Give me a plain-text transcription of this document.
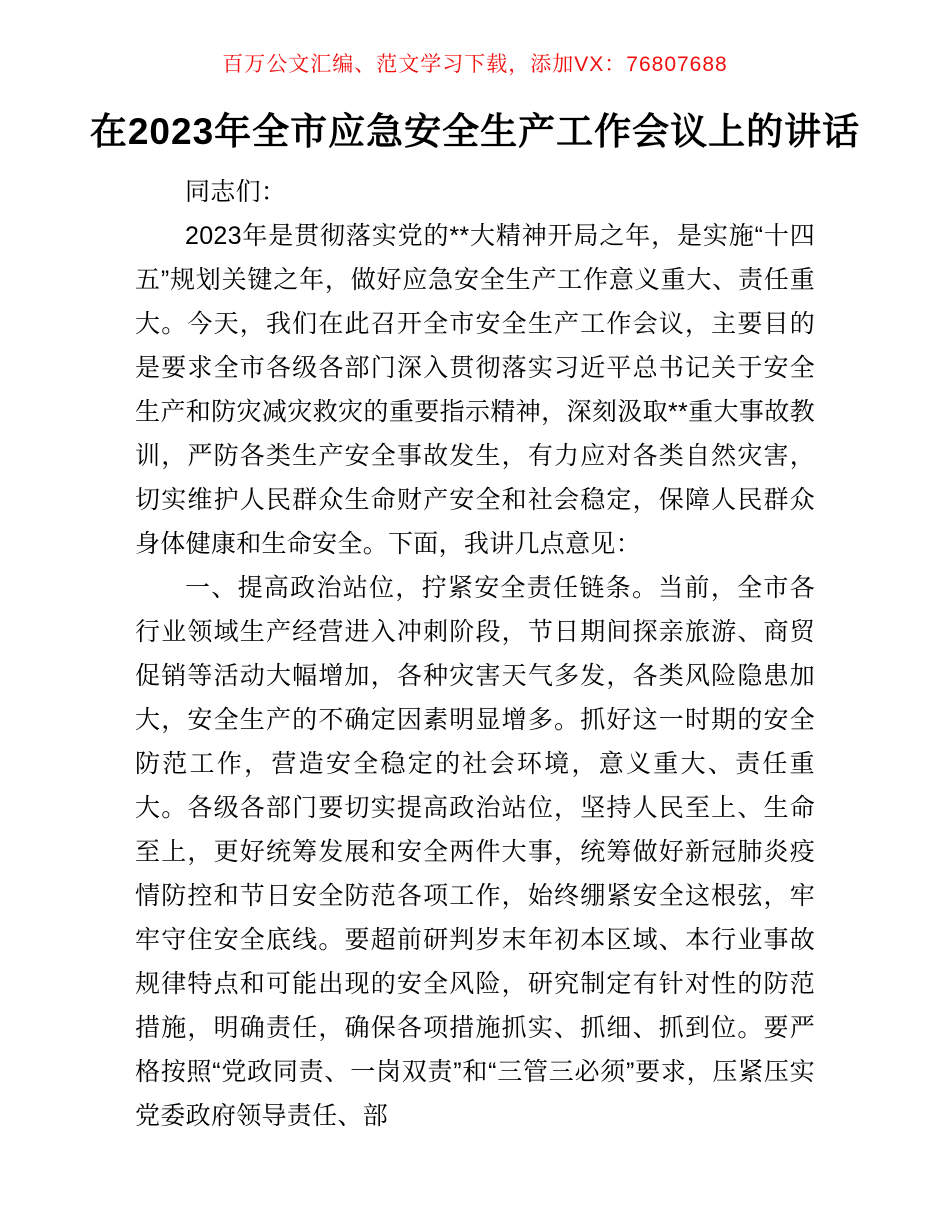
百万公文汇编、范文学习下载，添加VX：76807688
在2023年全市应急安全生产工作会议上的讲话

同志们：

2023年是贯彻落实党的**大精神开局之年，是实施“十四五”规划关键之年，做好应急安全生产工作意义重大、责任重大。今天，我们在此召开全市安全生产工作会议，主要目的是要求全市各级各部门深入贯彻落实习近平总书记关于安全生产和防灾减灾救灾的重要指示精神，深刻汲取**重大事故教训，严防各类生产安全事故发生，有力应对各类自然灾害，切实维护人民群众生命财产安全和社会稳定，保障人民群众身体健康和生命安全。下面，我讲几点意见：

一、提高政治站位，拧紧安全责任链条。当前，全市各行业领域生产经营进入冲刺阶段，节日期间探亲旅游、商贸促销等活动大幅增加，各种灾害天气多发，各类风险隐患加大，安全生产的不确定因素明显增多。抓好这一时期的安全防范工作，营造安全稳定的社会环境，意义重大、责任重大。各级各部门要切实提高政治站位，坚持人民至上、生命至上，更好统筹发展和安全两件大事，统筹做好新冠肺炎疫情防控和节日安全防范各项工作，始终绷紧安全这根弦，牢牢守住安全底线。要超前研判岁末年初本区域、本行业事故规律特点和可能出现的安全风险，研究制定有针对性的防范措施，明确责任，确保各项措施抓实、抓细、抓到位。要严格按照“党政同责、一岗双责”和“三管三必须”要求，压紧压实党委政府领导责任、部
